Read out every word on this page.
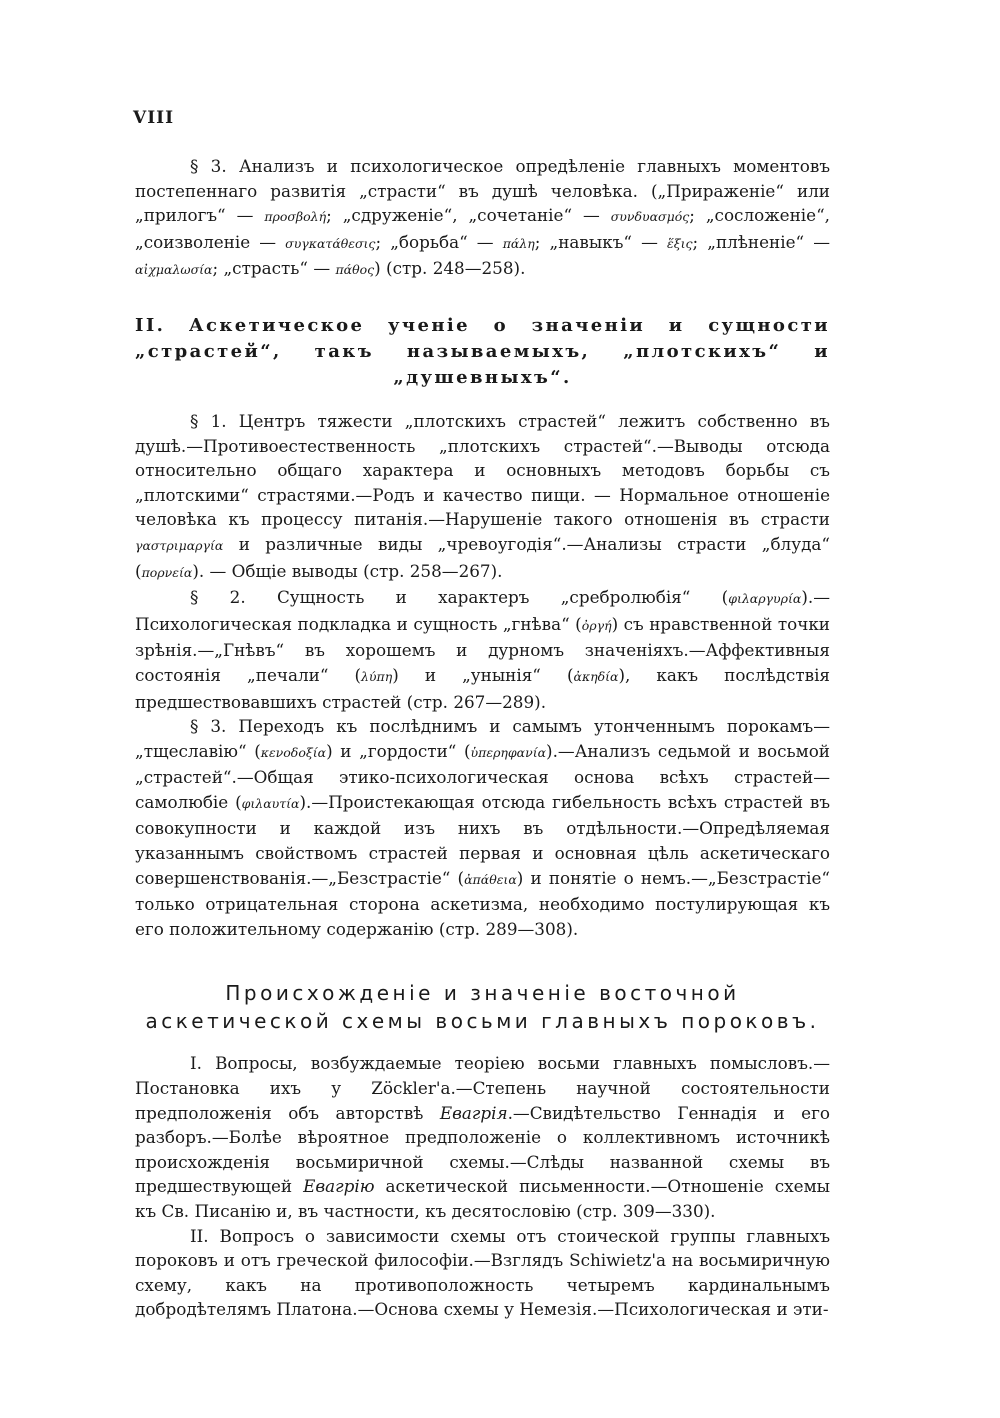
VIII

§ 3. Анализъ и психологическое опредѣленіе главныхъ моментовъ постепеннаго развитія „страсти“ въ душѣ человѣка. („Приpаженіе“ или „прилогъ“ — προσβολή; „сдруженіе“, „сочетаніе“ — συνδυασμός; „сосложеніе“, „соизволеніе — συγκατάθεσις; „борьба“ — πάλη; „навыкъ“ — ἕξις; „плѣненіе“ — αἰχμαλωσία; „страсть“ — πάθος) (стр. 248—258).

II. Аскетическое ученіе о значеніи и сущности „страстей“, такъ называемыхъ, „плотскихъ“ и „душевныхъ“.

§ 1. Центръ тяжести „плотскихъ страстей“ лежитъ собственно въ душѣ.—Противоестественность „плотскихъ страстей“.—Выводы отсюда относительно общаго характера и основныхъ методовъ борьбы съ „плотскими“ страстями.—Родъ и качество пищи. — Нормальное отношеніе человѣка къ процессу питанія.—Нарушеніе такого отношенія въ страсти γαστριμαργία и различные виды „чревоугодія“.—Анализы страсти „блуда“ (πορνεία). — Общіе выводы (стр. 258—267).

§ 2. Сущность и характеръ „сребролюбія“ (φιλαργυρία).—Психологическая подкладка и сущность „гнѣва“ (ὀργή) съ нравственной точки зрѣнія.—„Гнѣвъ“ въ хорошемъ и дурномъ значеніяхъ.—Аффективныя состоянія „печали“ (λύπη) и „унынія“ (ἀκηδία), какъ послѣдствія предшествовавшихъ страстей (стр. 267—289).

§ 3. Переходъ къ послѣднимъ и самымъ утонченнымъ порокамъ— „тщеславію“ (κενοδοξία) и „гордости“ (ὑπερηφανία).—Анализъ седьмой и восьмой „страстей“.—Общая этико-психологическая основа всѣхъ страстей—самолюбіе (φιλαυτία).—Проистекающая отсюда гибельность всѣхъ страстей въ совокупности и каждой изъ нихъ въ отдѣльности.—Опредѣляемая указаннымъ свойствомъ страстей первая и основная цѣль аскетическаго совершенствованія.—„Безстрастіе“ (ἀπάθεια) и понятіе о немъ.—„Безстрастіе“ только отрицательная сторона аскетизма, необходимо постулирующая къ его положительному содержанію (стр. 289—308).

Происхожденіе и значеніе восточной аскетической схемы восьми главныхъ пороковъ.

I. Вопросы, возбуждаемые теоріею восьми главныхъ помысловъ.—Постановка ихъ у Zöckler'a.—Степень научной состоятельности предположенія объ авторствѣ Евагрія.—Свидѣтельство Геннадія и его разборъ.—Болѣе вѣроятное предположеніе о коллективномъ источникѣ происхожденія восьмиричной схемы.—Слѣды названной схемы въ предшествующей Евагрію аскетической письменности.—Отношеніе схемы къ Св. Писанію и, въ частности, къ десятословію (стр. 309—330).

II. Вопросъ о зависимости схемы отъ стоической группы главныхъ пороковъ и отъ греческой философіи.—Взглядъ Schiwietz'a на восьмиричную схему, какъ на противоположность четыремъ кардинальнымъ добродѣтелямъ Платона.—Основа схемы у Немезія.—Психологическая и эти-
